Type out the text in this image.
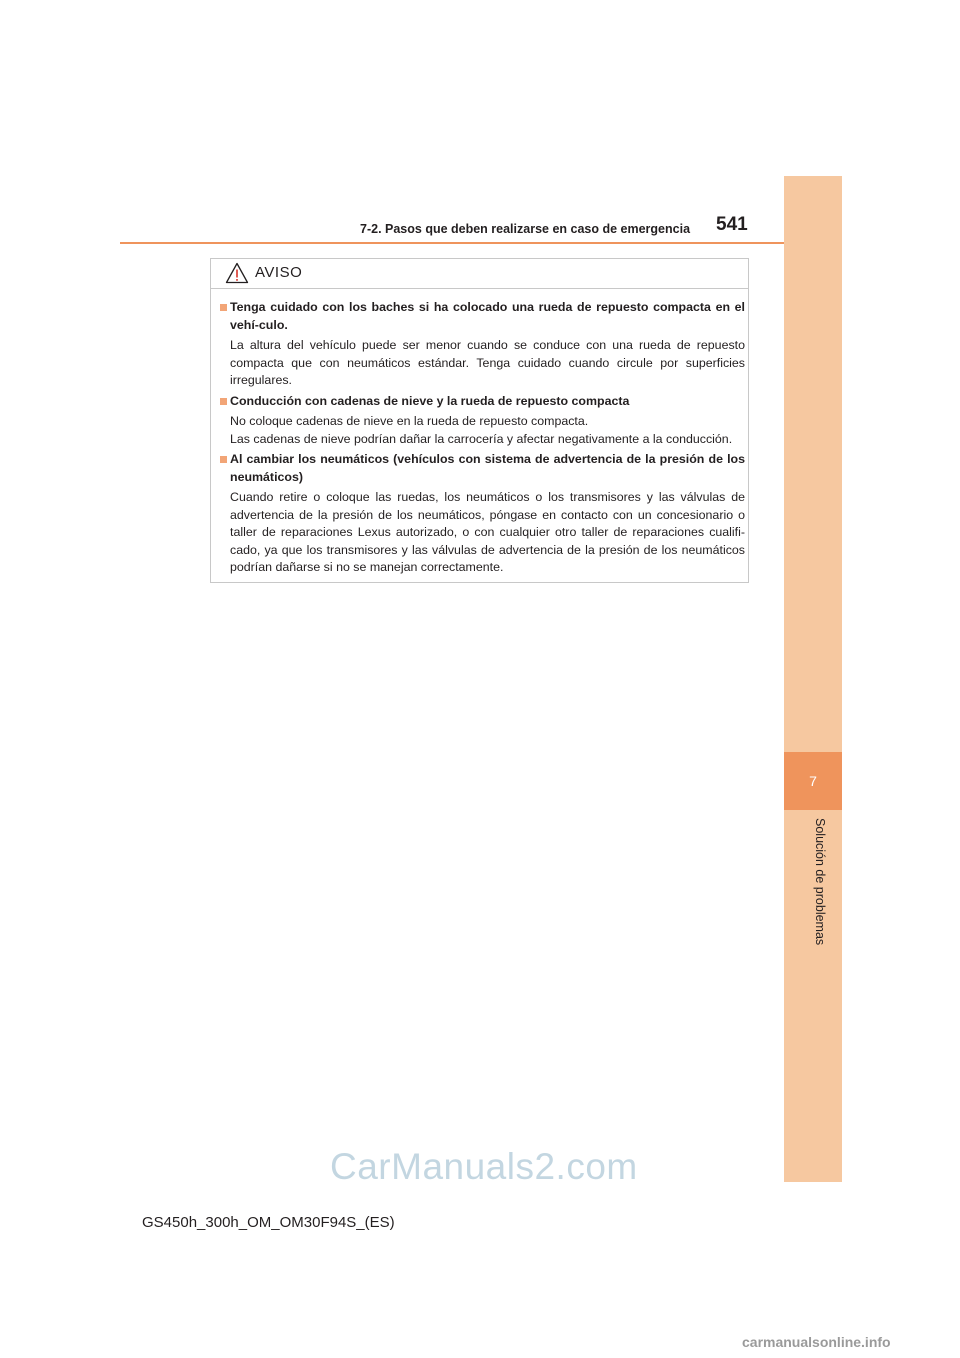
7-2. Pasos que deben realizarse en caso de emergencia 541
7
Solución de problemas
AVISO
Tenga cuidado con los baches si ha colocado una rueda de repuesto compacta en el vehí-culo.
La altura del vehículo puede ser menor cuando se conduce con una rueda de repuesto compacta que con neumáticos estándar. Tenga cuidado cuando circule por superficies irregulares.
Conducción con cadenas de nieve y la rueda de repuesto compacta
No coloque cadenas de nieve en la rueda de repuesto compacta.
Las cadenas de nieve podrían dañar la carrocería y afectar negativamente a la conducción.
Al cambiar los neumáticos (vehículos con sistema de advertencia de la presión de los neumáticos)
Cuando retire o coloque las ruedas, los neumáticos o los transmisores y las válvulas de advertencia de la presión de los neumáticos, póngase en contacto con un concesionario o taller de reparaciones Lexus autorizado, o con cualquier otro taller de reparaciones cualifi-cado, ya que los transmisores y las válvulas de advertencia de la presión de los neumáticos podrían dañarse si no se manejan correctamente.
CarManuals2.com
GS450h_300h_OM_OM30F94S_(ES)
carmanualsonline.info
